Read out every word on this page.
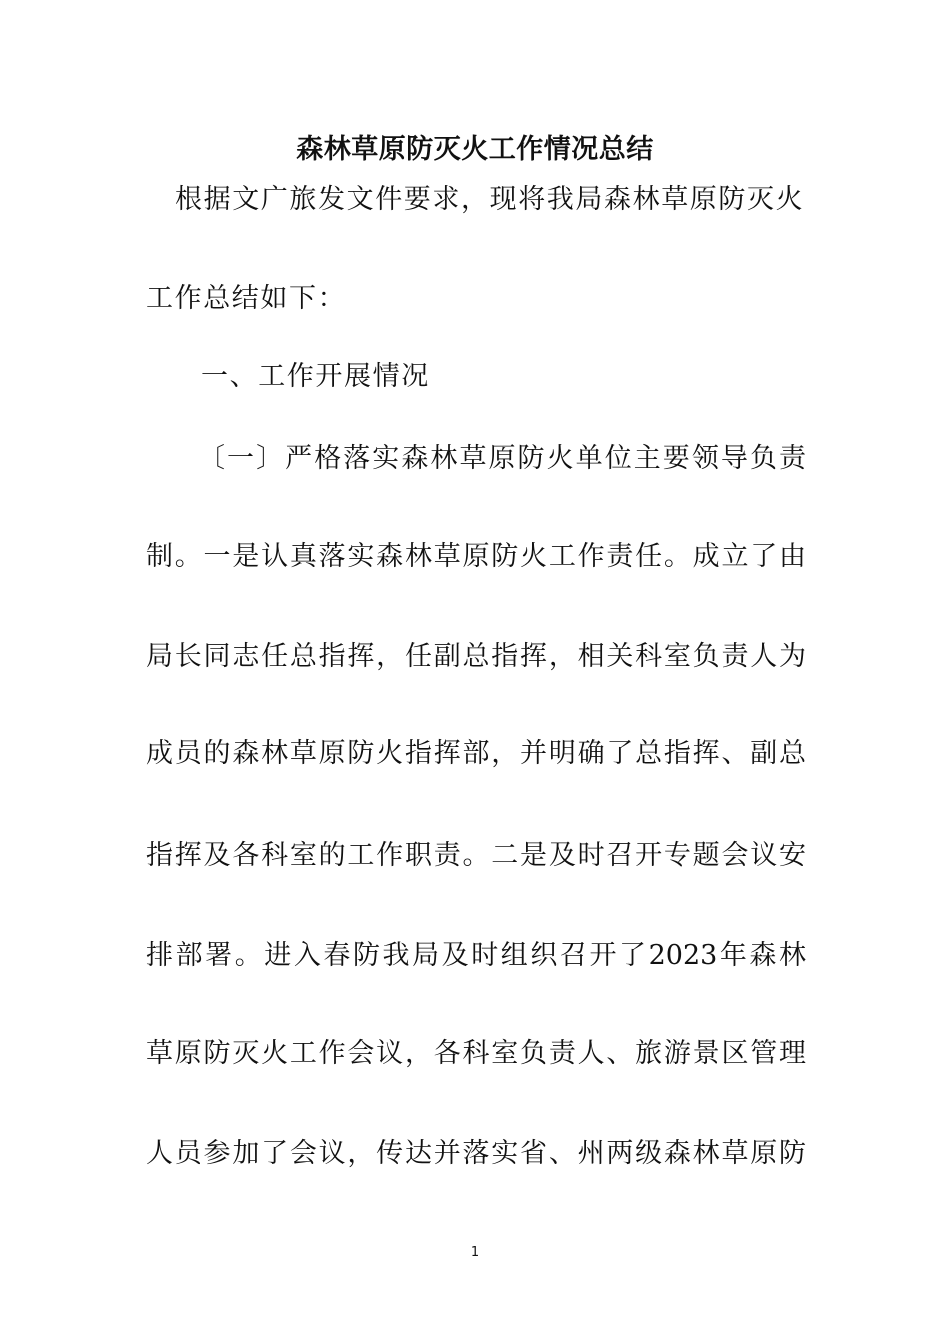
森林草原防灭火工作情况总结
根据文广旅发文件要求，现将我局森林草原防灭火
工作总结如下：
一、工作开展情况
〔一〕严格落实森林草原防火单位主要领导负责
制。一是认真落实森林草原防火工作责任。成立了由
局长同志任总指挥，任副总指挥，相关科室负责人为
成员的森林草原防火指挥部，并明确了总指挥、副总
指挥及各科室的工作职责。二是及时召开专题会议安
排部署。进入春防我局及时组织召开了2023年森林
草原防灭火工作会议，各科室负责人、旅游景区管理
人员参加了会议，传达并落实省、州两级森林草原防
1
